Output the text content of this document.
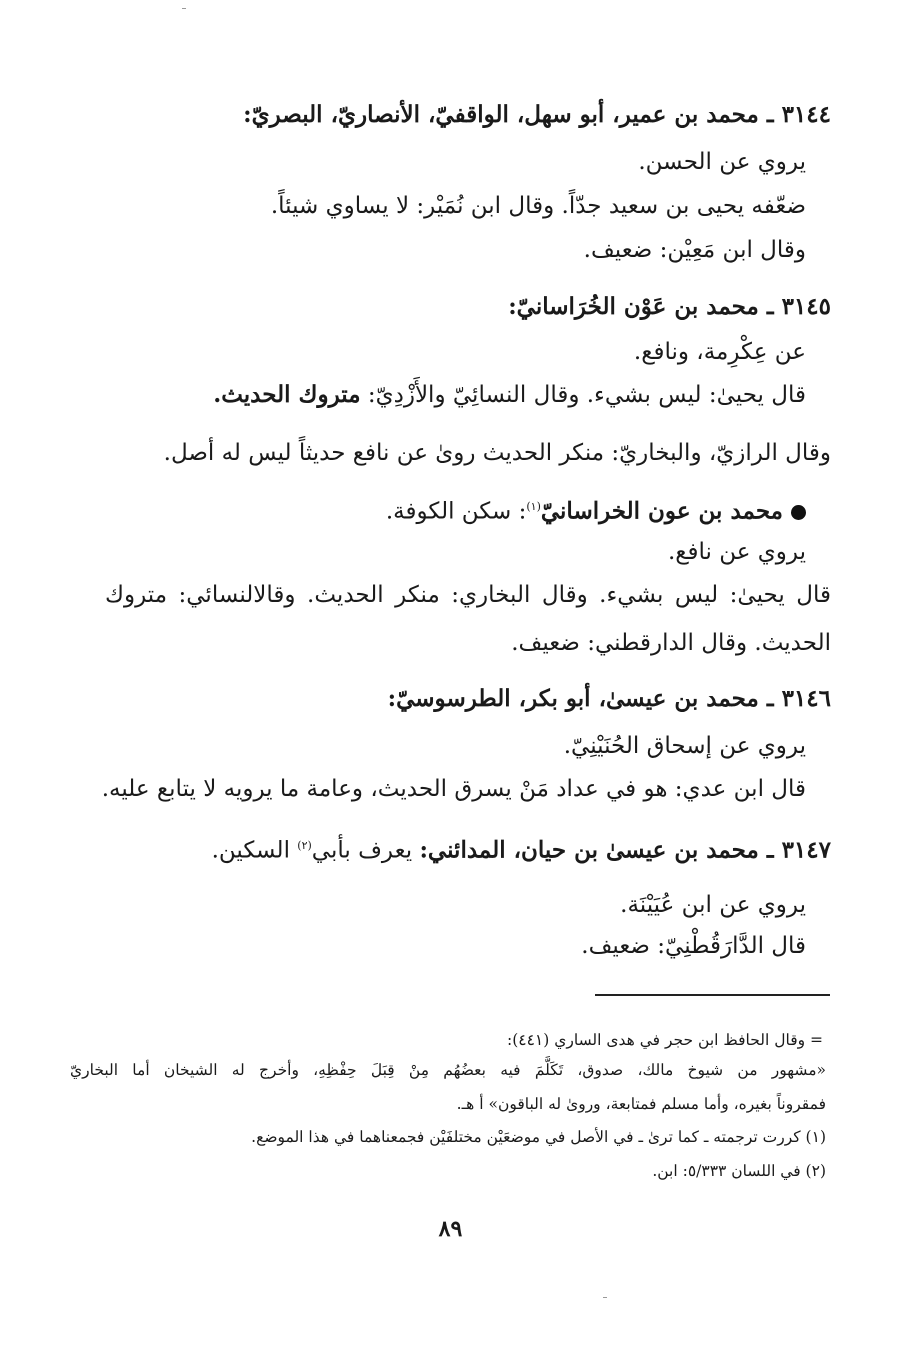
٣١٤٤ ـ محمد بن عمير، أبو سهل، الواقفيّ، الأنصاريّ، البصريّ:
يروي عن الحسن.
ضعّفه يحيى بن سعيد جدّاً. وقال ابن نُمَيْر: لا يساوي شيئاً.
وقال ابن مَعِيْن: ضعيف.
٣١٤٥ ـ محمد بن عَوْن الخُرَاسانيّ:
عن عِكْرِمة، ونافع.
قال يحيىٰ: ليس بشيء. وقال النسائِيّ والأَزْدِيّ: متروك الحديث.
وقال الرازيّ، والبخاريّ: منكر الحديث روىٰ عن نافع حديثاً ليس له أصل.
محمد بن عون الخراسانيّ$^{(١)}$: سكن الكوفة.
يروي عن نافع.
قال يحيىٰ: ليس بشيء. وقال البخاري: منكر الحديث. وقالالنسائي: متروك
الحديث. وقال الدارقطني: ضعيف.
٣١٤٦ ـ محمد بن عيسىٰ، أبو بكر، الطرسوسيّ:
يروي عن إسحاق الحُنَيْنِيّ.
قال ابن عدي: هو في عداد مَنْ يسرق الحديث، وعامة ما يرويه لا يتابع عليه.
٣١٤٧ ـ محمد بن عيسىٰ بن حيان، المدائني: يعرف بأبي$^{(٢)}$ السكين.
يروي عن ابن عُيَيْنَة.
قال الدَّارَقُطْنِيّ: ضعيف.
= وقال الحافظ ابن حجر في هدى الساري (٤٤١):
«مشهور من شيوخ مالك، صدوق، تَكَلَّمَ فيه بعضُهُم مِنْ قِبَلَ حِفْظِهِ، وأخرج له الشيخان أما البخاريّ
فمقروناً بغيره، وأما مسلم فمتابعة، وروىٰ له الباقون» أ هـ.
(١) كررت ترجمته ـ كما ترىٰ ـ في الأصل في موضعَيْن مختلفَيْن فجمعناهما في هذا الموضع.
(٢) في اللسان ٥/٣٣٣: ابن.
٨٩
